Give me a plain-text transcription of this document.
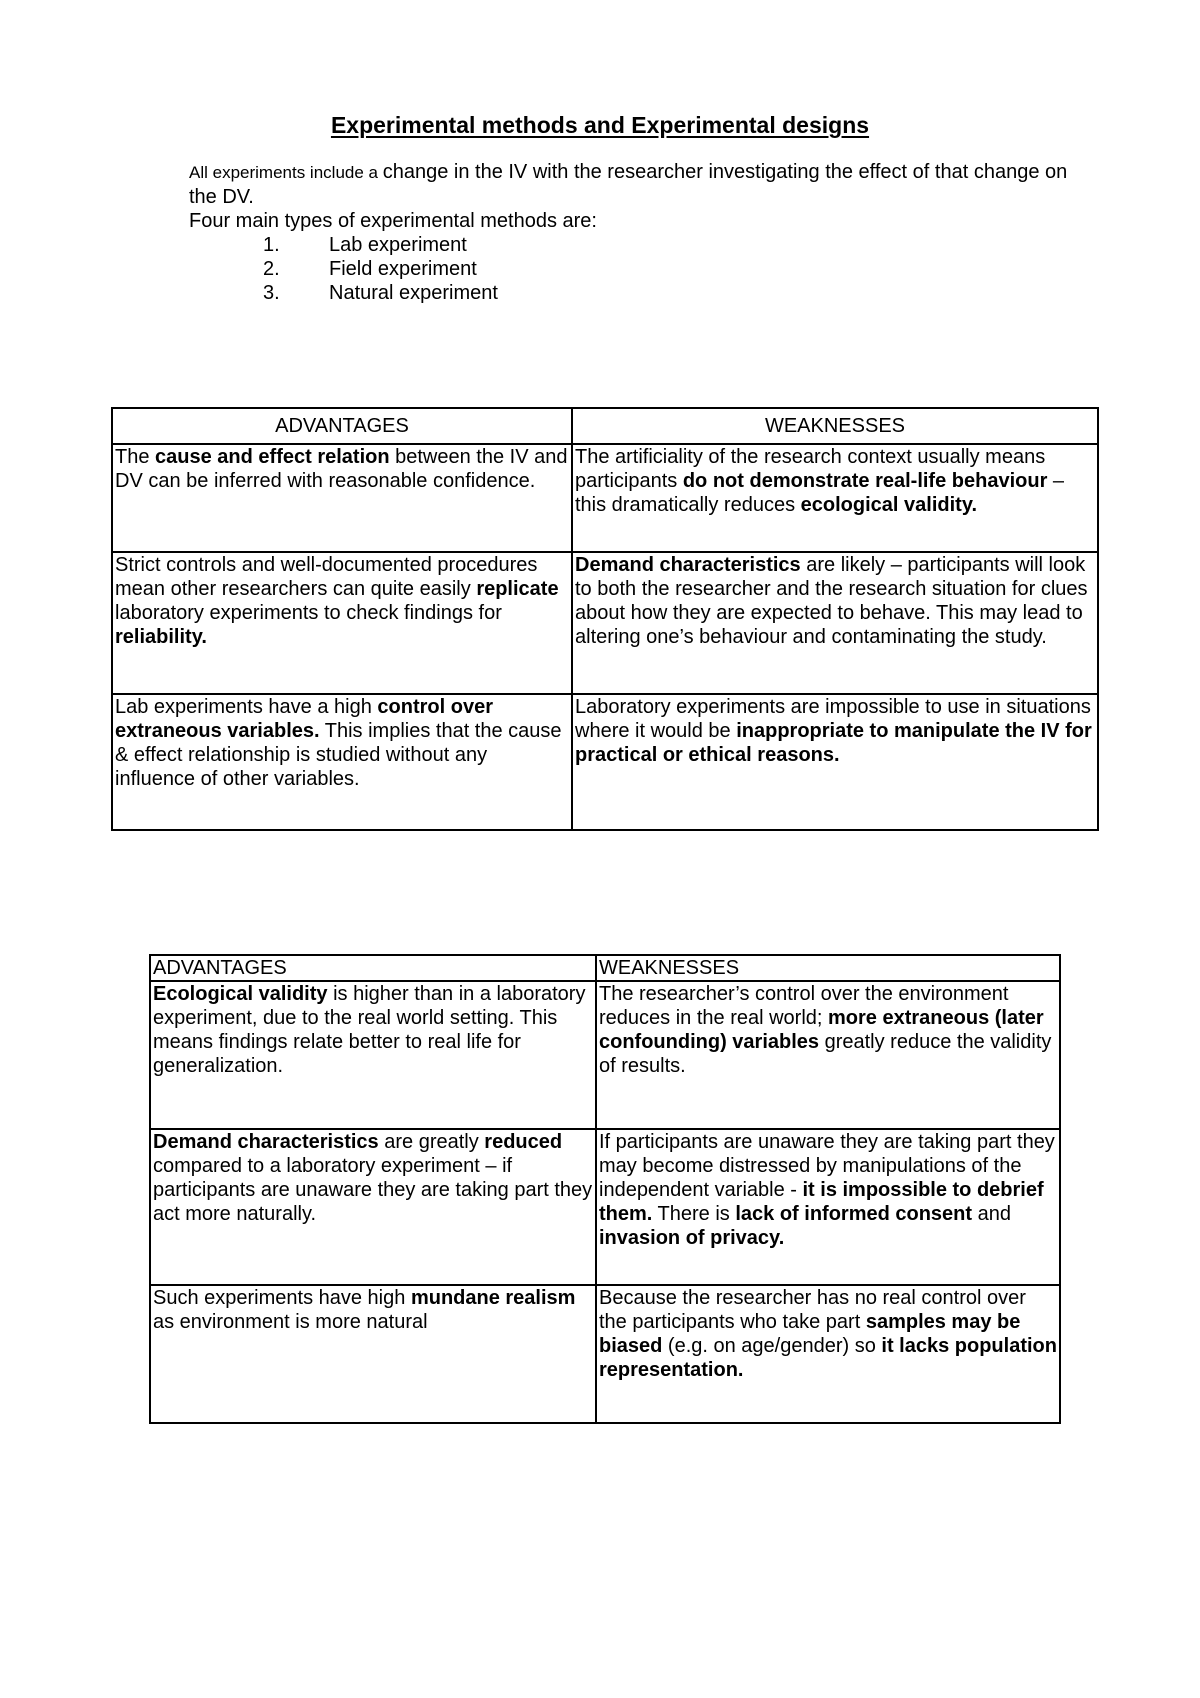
Experimental methods and Experimental designs

All experiments include a change in the IV with the researcher investigating the effect of that change on the DV.

Four main types of experimental methods are:

1.	Lab experiment
2.	Field experiment
3.	Natural experiment
ADVANTAGES	WEAKNESSES
The cause and effect relation between the IV and DV can be inferred with reasonable confidence.	The artificiality of the research context usually means participants do not demonstrate real-life behaviour – this dramatically reduces ecological validity.
Strict controls and well-documented procedures mean other researchers can quite easily replicate laboratory experiments to check findings for reliability.	Demand characteristics are likely – participants will look to both the researcher and the research situation for clues about how they are expected to behave. This may lead to altering one’s behaviour and contaminating the study.
Lab experiments have a high control over extraneous variables. This implies that the cause & effect relationship is studied without any influence of other variables.	Laboratory experiments are impossible to use in situations where it would be inappropriate to manipulate the IV for practical or ethical reasons.
ADVANTAGES	WEAKNESSES
Ecological validity is higher than in a laboratory experiment, due to the real world setting. This means findings relate better to real life for generalization.	The researcher’s control over the environment reduces in the real world; more extraneous (later confounding) variables greatly reduce the validity of results.
Demand characteristics are greatly reduced compared to a laboratory experiment – if participants are unaware they are taking part they act more naturally.	If participants are unaware they are taking part they may become distressed by manipulations of the independent variable - it is impossible to debrief them. There is lack of informed consent and invasion of privacy.
Such experiments have high mundane realism as environment is more natural	Because the researcher has no real control over the participants who take part samples may be biased (e.g. on age/gender) so it lacks population representation.
